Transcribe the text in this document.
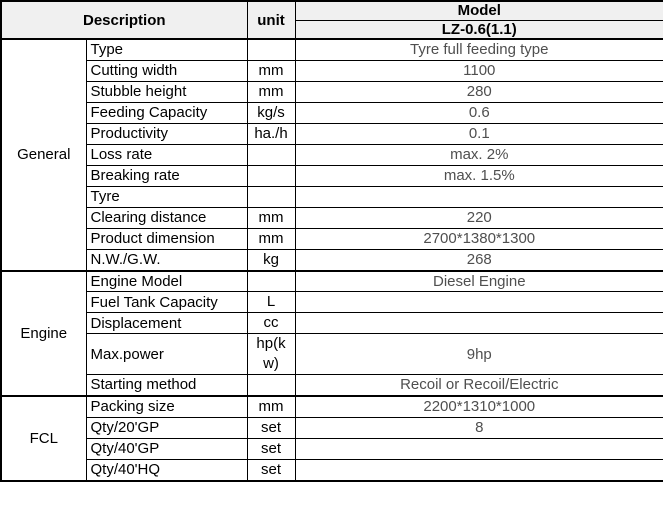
Description		unit	Model
			LZ-0.6(1.1)
General	Type		Tyre full feeding type
	Cutting width	mm	1100
	Stubble height	mm	280
	Feeding Capacity	kg/s	0.6
	Productivity	ha./h	0.1
	Loss rate		max. 2%
	Breaking rate		max. 1.5%
	Tyre		
	Clearing distance	mm	220
	Product dimension	mm	2700*1380*1300
	N.W./G.W.	kg	268
Engine	Engine Model		Diesel Engine
	Fuel Tank Capacity	L	
	Displacement	cc	
	Max.power	hp(kw)	9hp
	Starting method		Recoil or Recoil/Electric
FCL	Packing size	mm	2200*1310*1000
	Qty/20'GP	set	8
	Qty/40'GP	set	
	Qty/40'HQ	set	
